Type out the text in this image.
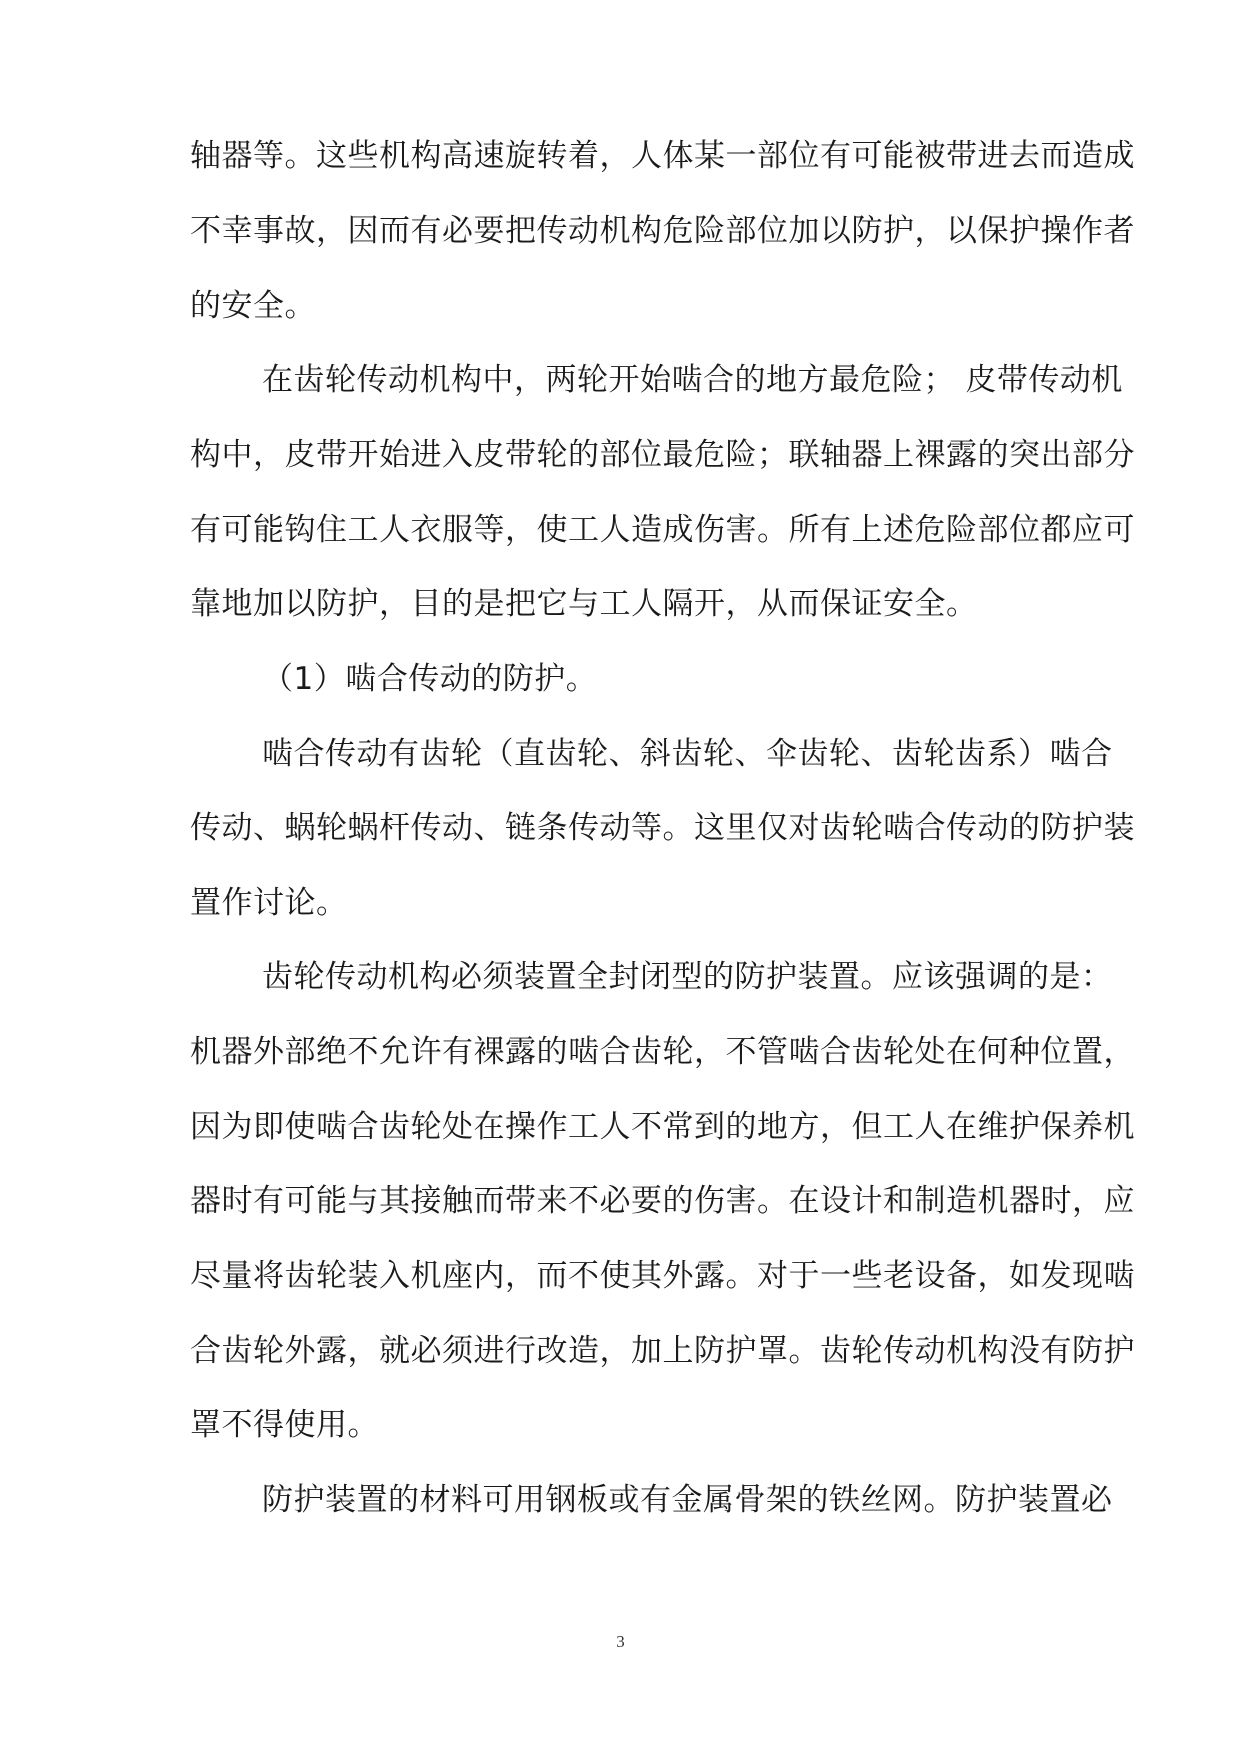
轴器等。这些机构高速旋转着，人体某一部位有可能被带进去而造成
不幸事故，因而有必要把传动机构危险部位加以防护，以保护操作者
的安全。
在齿轮传动机构中，两轮开始啮合的地方最危险； 皮带传动机
构中，皮带开始进入皮带轮的部位最危险；联轴器上裸露的突出部分
有可能钩住工人衣服等，使工人造成伤害。所有上述危险部位都应可
靠地加以防护，目的是把它与工人隔开，从而保证安全。
（1）啮合传动的防护。
啮合传动有齿轮（直齿轮、斜齿轮、伞齿轮、齿轮齿系）啮合
传动、蜗轮蜗杆传动、链条传动等。这里仅对齿轮啮合传动的防护装
置作讨论。
齿轮传动机构必须装置全封闭型的防护装置。应该强调的是：
机器外部绝不允许有裸露的啮合齿轮，不管啮合齿轮处在何种位置，
因为即使啮合齿轮处在操作工人不常到的地方，但工人在维护保养机
器时有可能与其接触而带来不必要的伤害。在设计和制造机器时，应
尽量将齿轮装入机座内，而不使其外露。对于一些老设备，如发现啮
合齿轮外露，就必须进行改造，加上防护罩。齿轮传动机构没有防护
罩不得使用。
防护装置的材料可用钢板或有金属骨架的铁丝网。防护装置必
3
